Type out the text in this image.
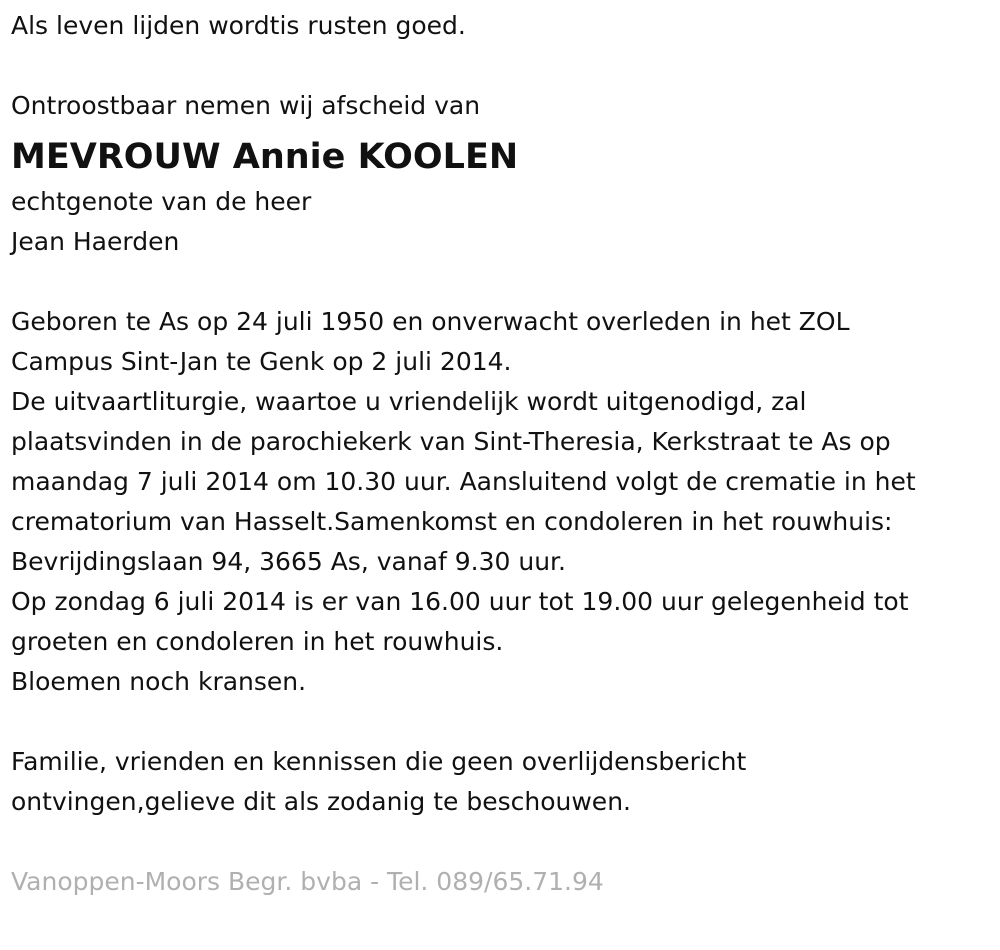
Als leven lijden wordtis rusten goed.
Ontroostbaar nemen wij afscheid van
MEVROUW Annie KOOLEN
echtgenote van de heer
Jean Haerden
Geboren te As op 24 juli 1950 en onverwacht overleden in het ZOL
Campus Sint-Jan te Genk op 2 juli 2014.
De uitvaartliturgie, waartoe u vriendelijk wordt uitgenodigd, zal
plaatsvinden in de parochiekerk van Sint-Theresia, Kerkstraat te As op
maandag 7 juli 2014 om 10.30 uur. Aansluitend volgt de crematie in het
crematorium van Hasselt.Samenkomst en condoleren in het rouwhuis:
Bevrijdingslaan 94, 3665 As, vanaf 9.30 uur.
Op zondag 6 juli 2014 is er van 16.00 uur tot 19.00 uur gelegenheid tot
groeten en condoleren in het rouwhuis.
Bloemen noch kransen.
Familie, vrienden en kennissen die geen overlijdensbericht
ontvingen,gelieve dit als zodanig te beschouwen.
Vanoppen-Moors Begr. bvba - Tel. 089/65.71.94
